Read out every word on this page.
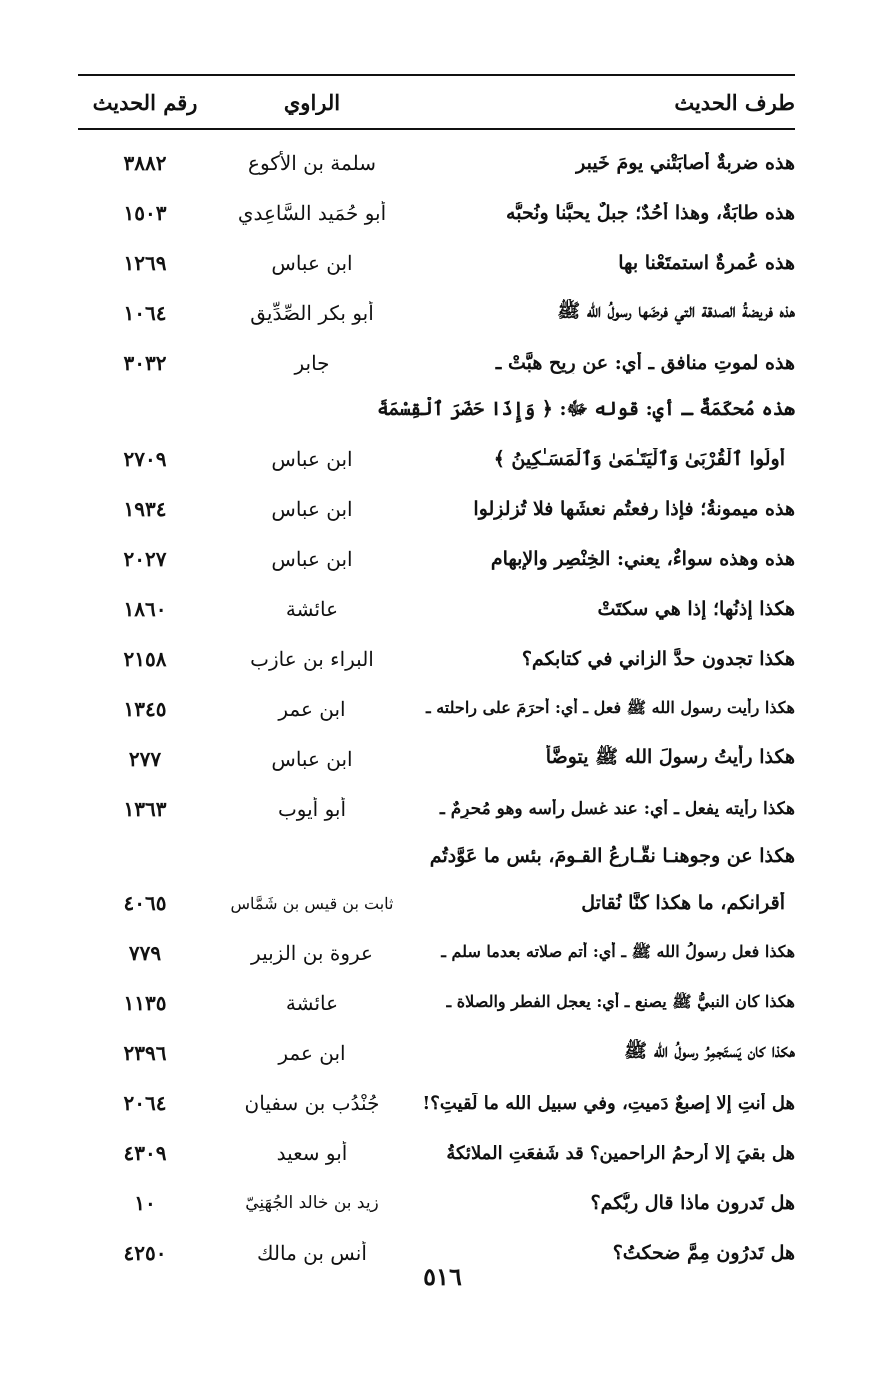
طرف الحديث
الراوي
رقم الحديث
هذه ضربةٌ أَصابَتْني يومَ خَيبر
سلمة بن الأكوع
٣٨٨٢
هذه طابَةٌ، وهذا أُحُدٌ؛ جبلٌ يحبُّنا ونُحبُّه
أبو حُمَيد السَّاعِدي
١٥٠٣
هذه عُمرةٌ استمتَعْنا بها
ابن عباس
١٢٦٩
هذه فريضةُ الصدقة التي فرضَها رسولُ الله ﷺ
أبو بكر الصِّدِّيق
١٠٦٤
هذه لموتِ منافقٍ ـ أي: عن رِيح هبَّتْ ـ
جابر
٣٠٣٢
هذه مُحكَمَةٌ ـ أي: قوله ﷻ: ﴿ وَإِذَا حَضَرَ ٱلْقِسْمَةَ
أُولُوا ٱلْقُرْبَىٰ وَٱلْيَتَـٰمَىٰ وَٱلْمَسَـٰكِينُ ﴾
ابن عباس
٢٧٠٩
هذه ميمونةُ؛ فإذا رفعتُم نعشَها فلا تُزلزِلوا
ابن عباس
١٩٣٤
هذه وهذه سواءٌ، يعني: الخِنْصِر والإبهام
ابن عباس
٢٠٢٧
هكذا إذنُها؛ إذا هي سكتَتْ
عائشة
١٨٦٠
هكذا تجدون حدَّ الزاني في كتابكم؟
البراء بن عازب
٢١٥٨
هكذا رأيت رسول الله ﷺ فعل ـ أي: أحرَمَ على راحلته ـ
ابن عمر
١٣٤٥
هكذا رأيتُ رسولَ الله ﷺ يتوضَّأ
ابن عباس
٢٧٧
هكذا رأيته يفعل ـ أي: عند غسل رأسه وهو مُحرِمٌ ـ
أبو أيوب
١٣٦٣
هكذا عن وجوهنـا نقَّـارعُ القـومَ، بئس ما عَوَّدتُم
أقرانكم، ما هكذا كنَّا نُقاتل
ثابت بن قيس بن شَمَّاس
٤٠٦٥
هكذا فعل رسولُ الله ﷺ ـ أي: أتم صلاته بعدما سلم ـ
عروة بن الزبير
٧٧٩
هكذا كان النبيُّ ﷺ يصنع ـ أي: يعجل الفطر والصلاة ـ
عائشة
١١٣٥
هكذا كان يَستَجمِرُ رسولُ الله ﷺ
ابن عمر
٢٣٩٦
هل أنتِ إلا إصبعٌ دَميتِ، وفي سبيل الله ما لَقيتِ؟!
جُنْدُب بن سفيان
٢٠٦٤
هل بقيَ إلا أرحمُ الراحمين؟ قد شَفعَتِ الملائكةُ
أبو سعيد
٤٣٠٩
هل تَدرون ماذا قال ربُّكم؟
زيد بن خالد الجُهَنِيّ
١٠
هل تَدرُون مِمَّ ضحكتُ؟
أنس بن مالك
٤٢٥٠
٥١٦
